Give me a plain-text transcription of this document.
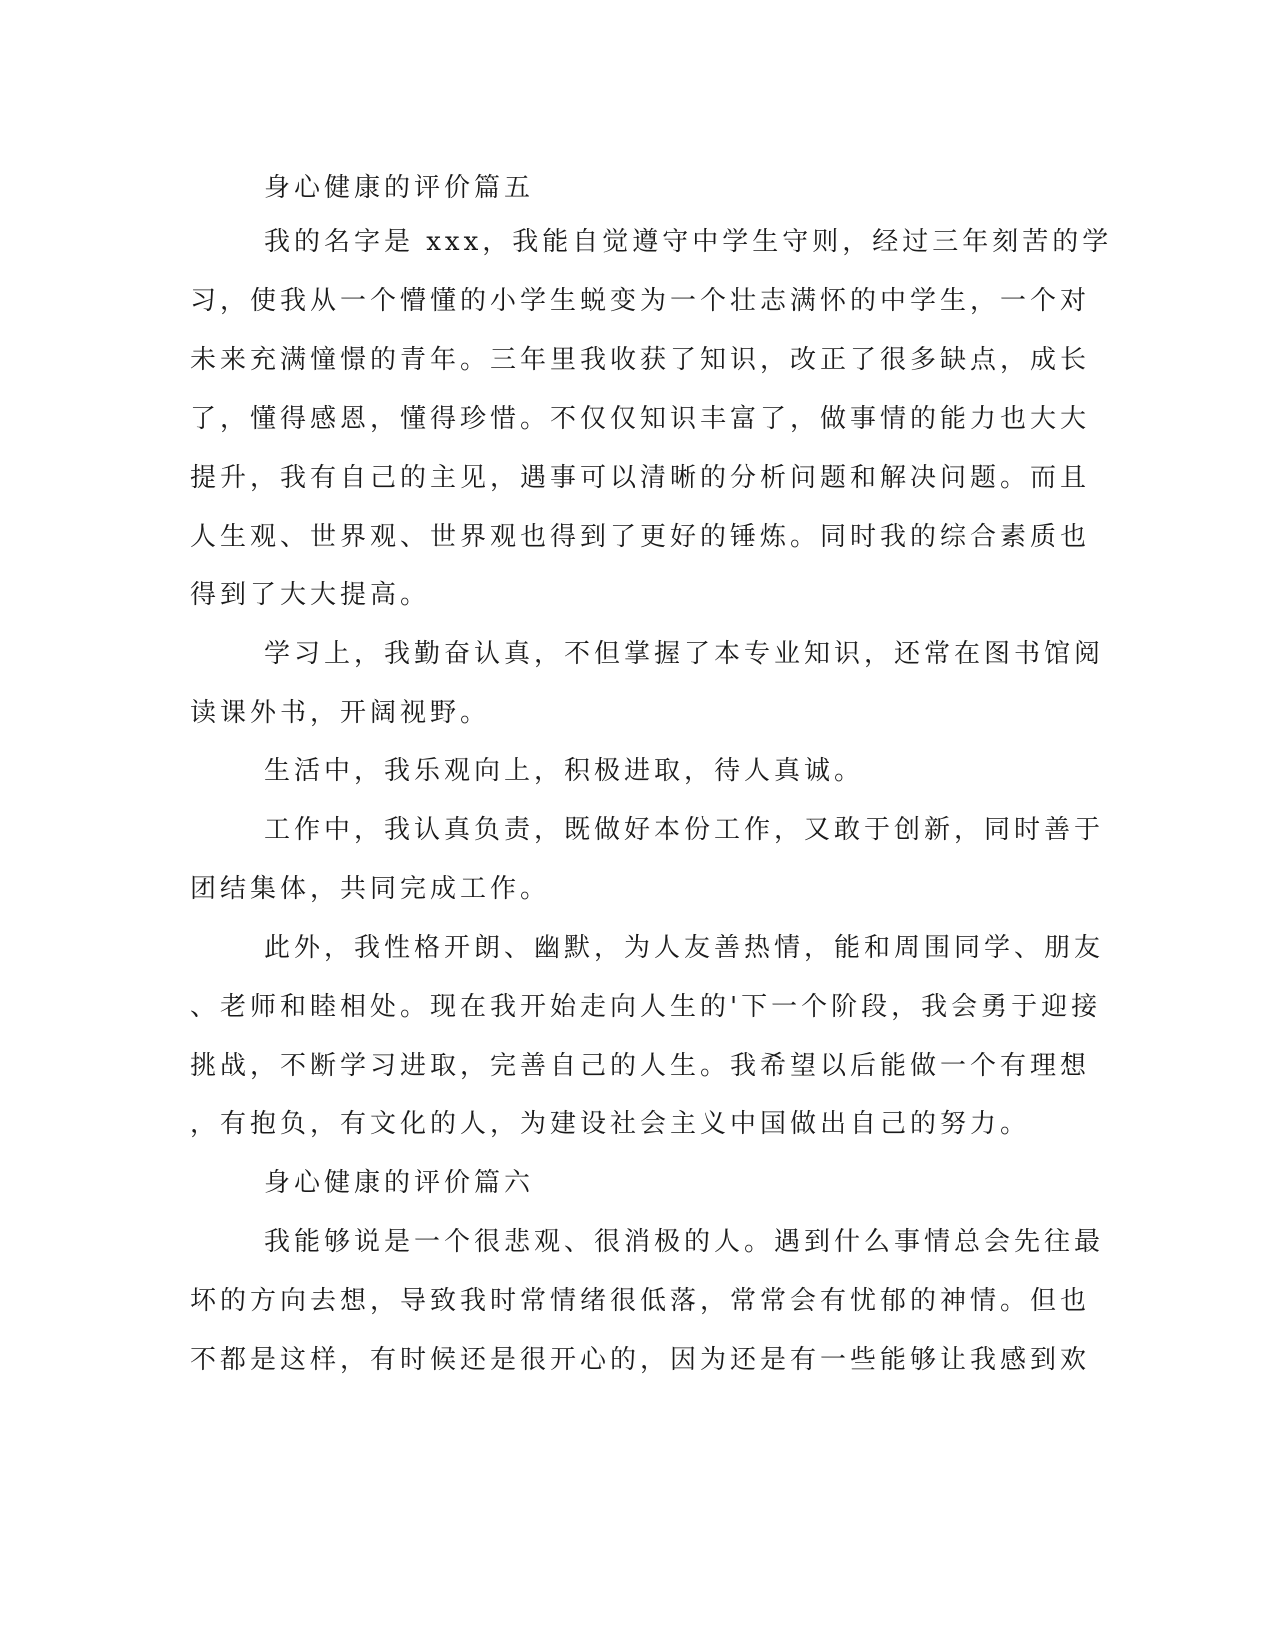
身心健康的评价篇五
我的名字是 xxx，我能自觉遵守中学生守则，经过三年刻苦的学
习，使我从一个懵懂的小学生蜕变为一个壮志满怀的中学生，一个对
未来充满憧憬的青年。三年里我收获了知识，改正了很多缺点，成长
了，懂得感恩，懂得珍惜。不仅仅知识丰富了，做事情的能力也大大
提升，我有自己的主见，遇事可以清晰的分析问题和解决问题。而且
人生观、世界观、世界观也得到了更好的锤炼。同时我的综合素质也
得到了大大提高。
学习上，我勤奋认真，不但掌握了本专业知识，还常在图书馆阅
读课外书，开阔视野。
生活中，我乐观向上，积极进取，待人真诚。
工作中，我认真负责，既做好本份工作，又敢于创新，同时善于
团结集体，共同完成工作。
此外，我性格开朗、幽默，为人友善热情，能和周围同学、朋友
、老师和睦相处。现在我开始走向人生的'下一个阶段，我会勇于迎接
挑战，不断学习进取，完善自己的人生。我希望以后能做一个有理想
，有抱负，有文化的人，为建设社会主义中国做出自己的努力。
身心健康的评价篇六
我能够说是一个很悲观、很消极的人。遇到什么事情总会先往最
坏的方向去想，导致我时常情绪很低落，常常会有忧郁的神情。但也
不都是这样，有时候还是很开心的，因为还是有一些能够让我感到欢
